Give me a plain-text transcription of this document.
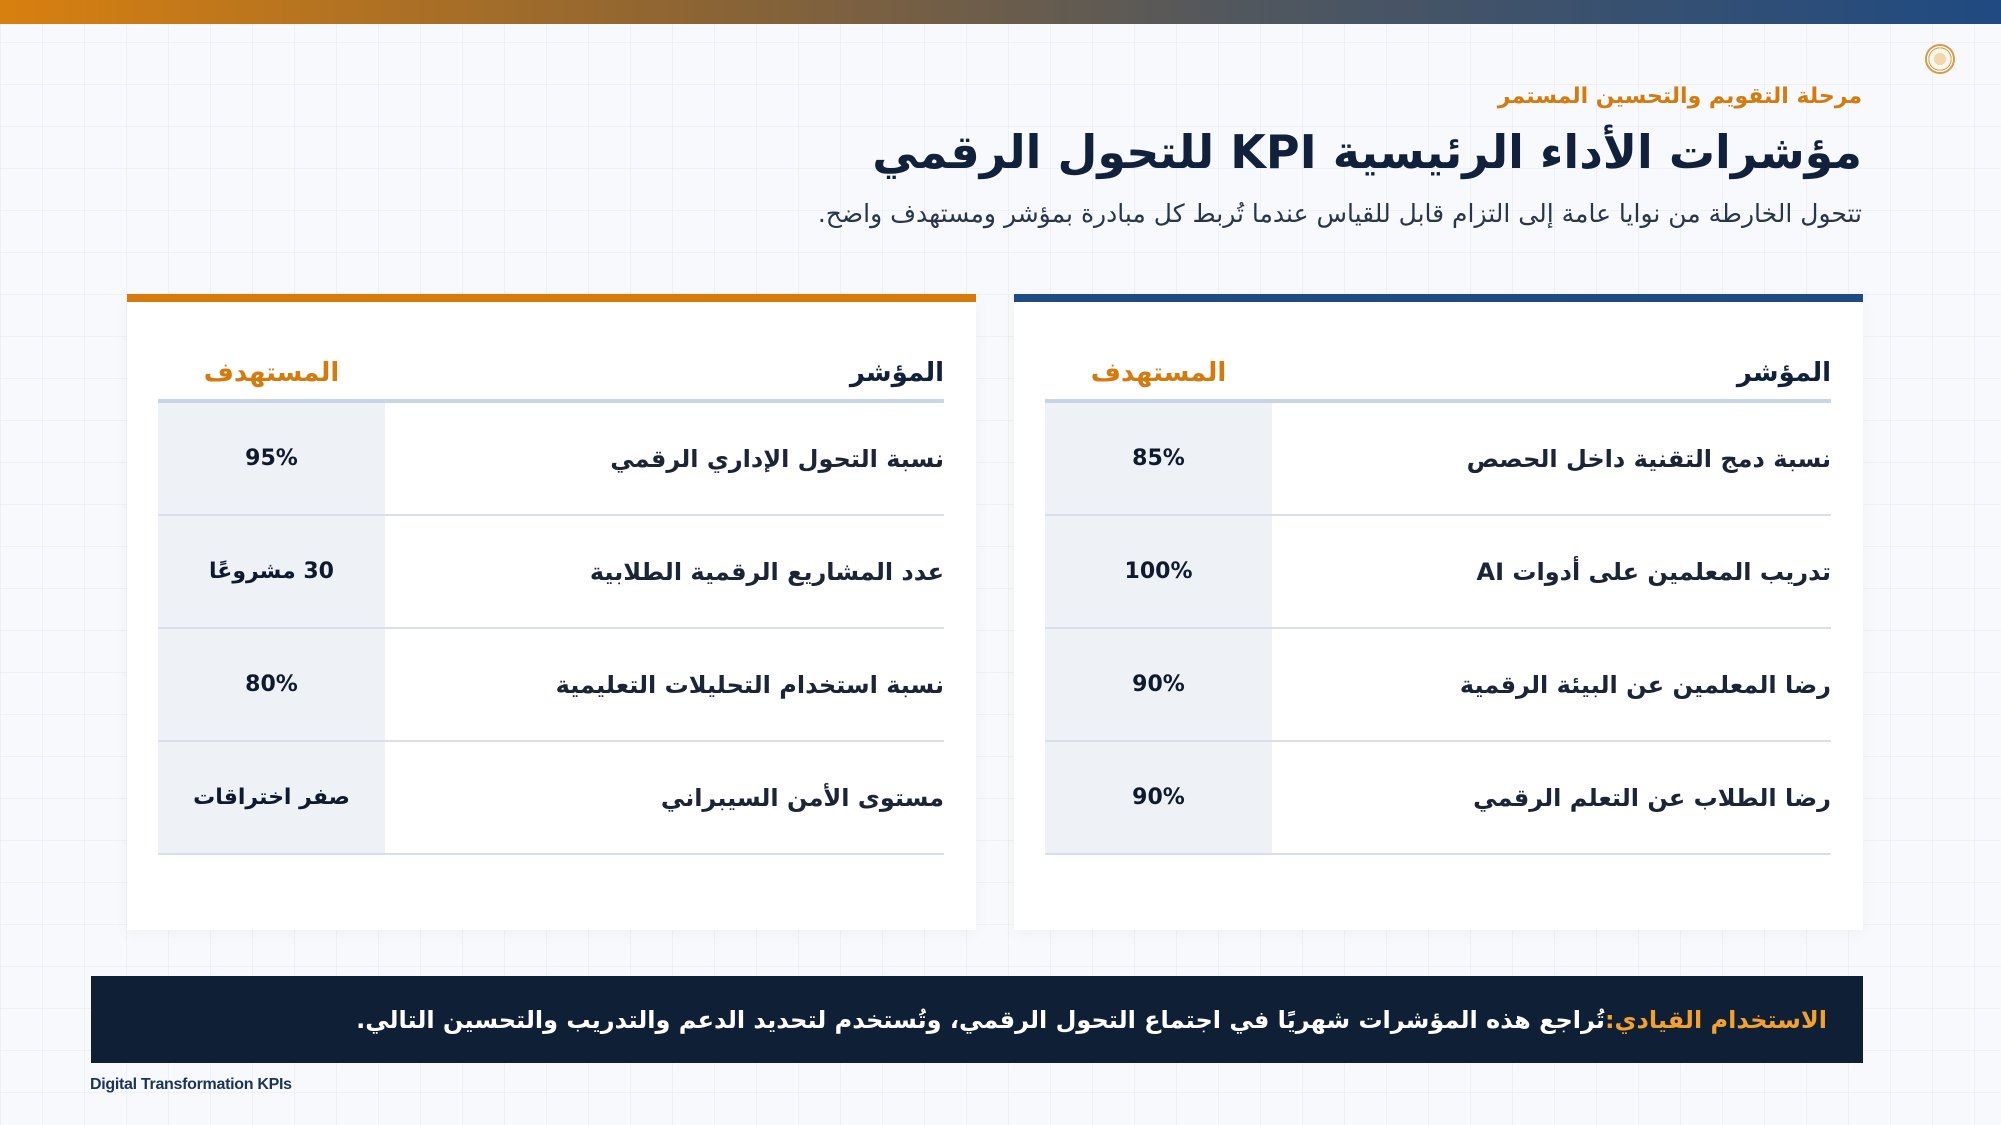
مرحلة التقويم والتحسين المستمر
مؤشرات الأداء الرئيسية KPI للتحول الرقمي
تتحول الخارطة من نوايا عامة إلى التزام قابل للقياس عندما تُربط كل مبادرة بمؤشر ومستهدف واضح.
المؤشر
المستهدف
نسبة دمج التقنية داخل الحصص
85%
تدريب المعلمين على أدوات AI
100%
رضا المعلمين عن البيئة الرقمية
90%
رضا الطلاب عن التعلم الرقمي
90%
المؤشر
المستهدف
نسبة التحول الإداري الرقمي
95%
عدد المشاريع الرقمية الطلابية
30 مشروعًا
نسبة استخدام التحليلات التعليمية
80%
مستوى الأمن السيبراني
صفر اختراقات
الاستخدام القيادي:
تُراجع هذه المؤشرات شهريًا في اجتماع التحول الرقمي، وتُستخدم لتحديد الدعم والتدريب والتحسين التالي.
Digital Transformation KPIs
